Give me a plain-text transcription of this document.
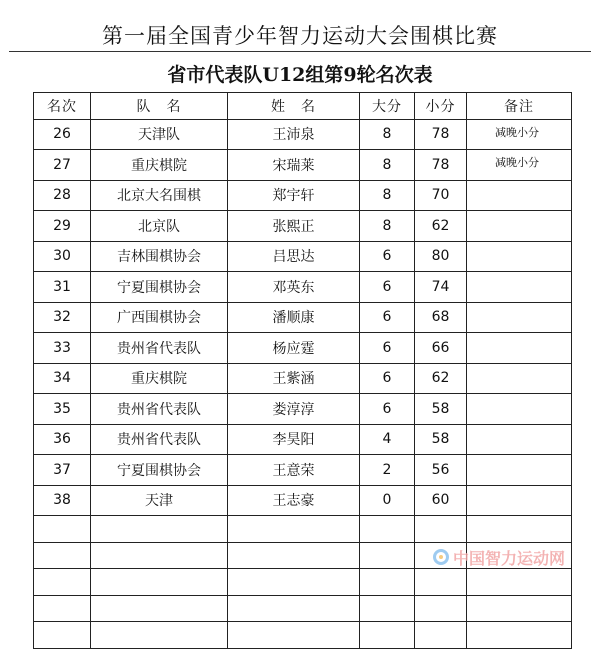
第一届全国青少年智力运动大会围棋比赛
省市代表队U12组第9轮名次表
名次	队　名	姓　名	大分	小分	备注
26	天津队	王沛泉	8	78	减晚小分
27	重庆棋院	宋瑞莱	8	78	减晚小分
28	北京大名围棋	郑宇轩	8	70	
29	北京队	张熙正	8	62	
30	吉林围棋协会	吕思达	6	80	
31	宁夏围棋协会	邓英东	6	74	
32	广西围棋协会	潘顺康	6	68	
33	贵州省代表队	杨应霆	6	66	
34	重庆棋院	王紫涵	6	62	
35	贵州省代表队	娄淳淳	6	58	
36	贵州省代表队	李昊阳	4	58	
37	宁夏围棋协会	王意荣	2	56	
38	天津	王志豪	0	60	

中国智力运动网
